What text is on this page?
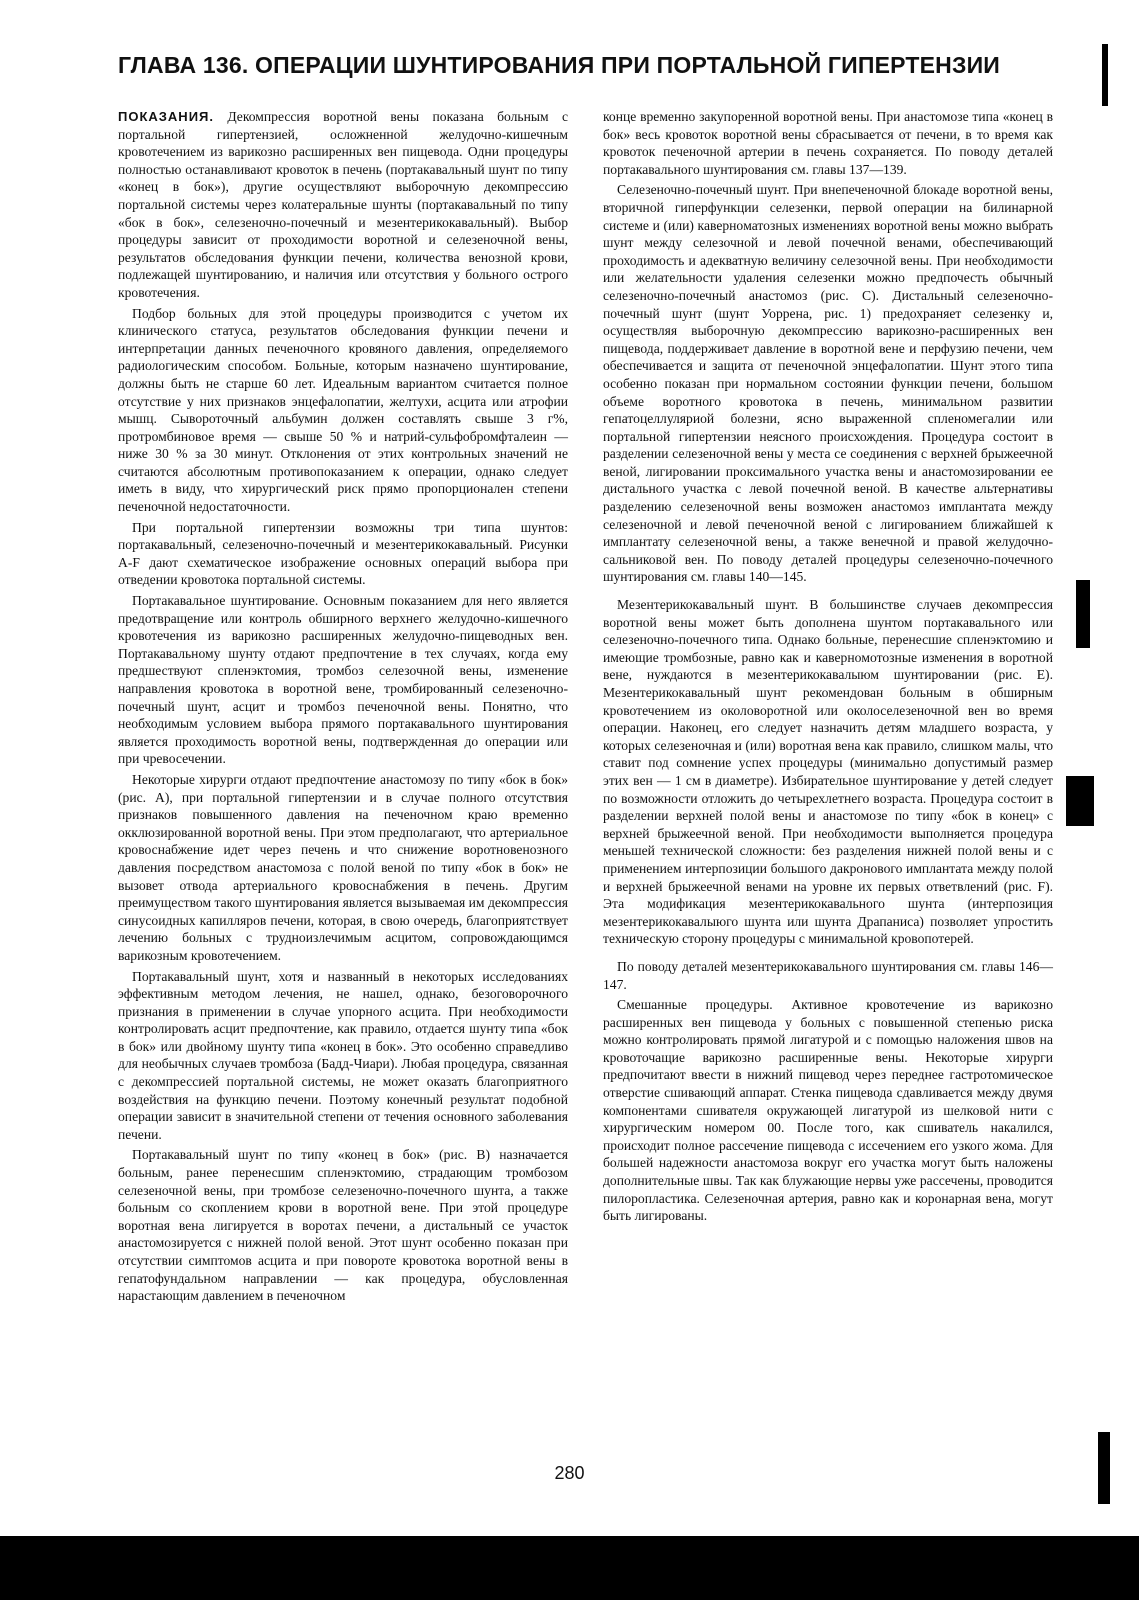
ГЛАВА 136. ОПЕРАЦИИ ШУНТИРОВАНИЯ ПРИ ПОРТАЛЬНОЙ ГИПЕРТЕНЗИИ

ПОКАЗАНИЯ. Декомпрессия воротной вены показана больным с портальной гипертензией, осложненной желудочно-кишечным кровотечением из варикозно расширенных вен пищевода. Одни процедуры полностью останавливают кровоток в печень (портакавальный шунт по типу «конец в бок»), другие осуществляют выборочную декомпрессию портальной системы через колатеральные шунты (портакавальный по типу «бок в бок», селезеночно-почечный и мезентерикокавальный). Выбор процедуры зависит от проходимости воротной и селезеночной вены, результатов обследования функции печени, количества венозной крови, подлежащей шунтированию, и наличия или отсутствия у больного острого кровотечения.

Подбор больных для этой процедуры производится с учетом их клинического статуса, результатов обследования функции печени и интерпретации данных печеночного кровяного давления, определяемого радиологическим способом. Больные, которым назначено шунтирование, должны быть не старше 60 лет. Идеальным вариантом считается полное отсутствие у них признаков энцефалопатии, желтухи, асцита или атрофии мышц. Сывороточный альбумин должен составлять свыше 3 г%, протромбиновое время — свыше 50 % и натрий-сульфобромфталеин — ниже 30 % за 30 минут. Отклонения от этих контрольных значений не считаются абсолютным противопоказанием к операции, однако следует иметь в виду, что хирургический риск прямо пропорционален степени печеночной недостаточности.

При портальной гипертензии возможны три типа шунтов: портакавальный, селезеночно-почечный и мезентерикокавальный. Рисунки A-F дают схематическое изображение основных операций выбора при отведении кровотока портальной системы.

Портакавальное шунтирование. Основным показанием для него является предотвращение или контроль обширного верхнего желудочно-кишечного кровотечения из варикозно расширенных желудочно-пищеводных вен. Портакавальному шунту отдают предпочтение в тех случаях, когда ему предшествуют спленэктомия, тромбоз селезочной вены, изменение направления кровотока в воротной вене, тромбированный селезеночно-почечный шунт, асцит и тромбоз печеночной вены. Понятно, что необходимым условием выбора прямого портакавального шунтирования является проходимость воротной вены, подтвержденная до операции или при чревосечении.

Некоторые хирурги отдают предпочтение анастомозу по типу «бок в бок» (рис. А), при портальной гипертензии и в случае полного отсутствия признаков повышенного давления на печеночном краю временно окклюзированной воротной вены. При этом предполагают, что артериальное кровоснабжение идет через печень и что снижение воротновенозного давления посредством анастомоза с полой веной по типу «бок в бок» не вызовет отвода артериального кровоснабжения в печень. Другим преимуществом такого шунтирования является вызываемая им декомпрессия синусоидных капилляров печени, которая, в свою очередь, благоприятствует лечению больных с трудноизлечимым асцитом, сопровождающимся варикозным кровотечением.

Портакавальный шунт, хотя и названный в некоторых исследованиях эффективным методом лечения, не нашел, однако, безоговорочного признания в применении в случае упорного асцита. При необходимости контролировать асцит предпочтение, как правило, отдается шунту типа «бок в бок» или двойному шунту типа «конец в бок». Это особенно справедливо для необычных случаев тромбоза (Бадд-Чиари). Любая процедура, связанная с декомпрессией портальной системы, не может оказать благоприятного воздействия на функцию печени. Поэтому конечный результат подобной операции зависит в значительной степени от течения основного заболевания печени.

Портакавальный шунт по типу «конец в бок» (рис. В) назначается больным, ранее перенесшим спленэктомию, страдающим тромбозом селезеночной вены, при тромбозе селезеночно-почечного шунта, а также больным со скоплением крови в воротной вене. При этой процедуре воротная вена лигируется в воротах печени, а дистальный се участок анастомозируется с нижней полой веной. Этот шунт особенно показан при отсутствии симптомов асцита и при повороте кровотока воротной вены в гепатофундальном направлении — как процедура, обусловленная нарастающим давлением в печеночном

конце временно закупоренной воротной вены. При анастомозе типа «конец в бок» весь кровоток воротной вены сбрасывается от печени, в то время как кровоток печеночной артерии в печень сохраняется. По поводу деталей портакавального шунтирования см. главы 137—139.

Селезеночно-почечный шунт. При внепеченочной блокаде воротной вены, вторичной гиперфункции селезенки, первой операции на билинарной системе и (или) кавернoматозных изменениях воротной вены можно выбрать шунт между селезочной и левой почечной венами, обеспечивающий проходимость и адекватную величину селезочной вены. При необходимости или желательности удаления селезенки можно предпочесть обычный селезеночно-почечный анастомоз (рис. С). Дистальный селезеночно-почечный шунт (шунт Уоррена, рис. 1) предохраняет селезенку и, осуществляя выборочную декомпрессию варикозно-расширенных вен пищевода, поддерживает давление в воротной вене и перфузию печени, чем обеспечивается и защита от печеночной энцефалопатии. Шунт этого типа особенно показан при нормальном состоянии функции печени, большом объеме воротного кровотока в печень, минимальном развитии гепатоцеллуляриой болезни, ясно выраженной спленомегалии или портальной гипертензии неясного происхождения. Процедура состоит в разделении селезеночной вены у места се соединения с верхней брыжеечной веной, лигировании проксимального участка вены и анастомозировании ее дистального участка с левой почечной веной. В качестве альтернативы разделению селезеночной вены возможен анастомоз имплантата между селезеночной и левой печеночной веной с лигированием ближайшей к имплантату селезеночной вены, а также венечной и правой желудочно-сальниковой вен. По поводу деталей процедуры селезеночно-почечного шунтирования см. главы 140—145.

Мезентерикокавальный шунт. В большинстве случаев декомпрессия воротной вены может быть дополнена шунтом портакавального или селезеночно-почечного типа. Однако больные, перенесшие спленэктомию и имеющие тромбозные, равно как и кавернoмотозные изменения в воротной вене, нуждаются в мезентерикокавалыюм шунтировании (рис. Е). Мезентерикокавальный шунт рекомендован больным в обширным кровотечением из околоворотной или околоселезеночной вен во время операции. Наконец, его следует назначить детям младшего возраста, у которых селезеночная и (или) воротная вена как правило, слишком малы, что ставит под сомнение успех процедуры (минимально допустимый размер этих вен — 1 см в диаметре). Избирательное шунтирование у детей следует по возможности отложить до четырехлетнего возраста. Процедура состоит в разделении верхней полой вены и анастомозе по типу «бок в конец» с верхней брыжеечной веной. При необходимости выполняется процедура меньшей технической сложности: без разделения нижней полой вены и с применением интерпозиции большого дакронового имплантата между полой и верхней брыжеечной венами на уровне их первых ответвлений (рис. F). Эта модификация мезентерикокавального шунта (интерпозиция мезентерикокавалыюго шунта или шунта Драпаниса) позволяет упростить техническую сторону процедуры с минимальной кровопотерей.

По поводу деталей мезентерикокавального шунтирования см. главы 146—147.

Смешанные процедуры. Активное кровотечение из варикозно расширенных вен пищевода у больных с повышенной степенью риска можно контролировать прямой лигатурой и с помощью наложения швов на кровоточащие варикозно расширенные вены. Некоторые хирурги предпочитают ввести в нижний пищевод через переднее гастротомическое отверстие сшивающий аппарат. Стенка пищевода сдавливается между двумя компонентами сшивателя окружающей лигатурой из шелковой нити с хирургическим номером 00. После того, как сшиватель накалился, происходит полное рассечение пищевода с иссечением его узкого жома. Для большей надежности анастомоза вокруг его участка могут быть наложены дополнительные швы. Так как блужающие нервы уже рассечены, проводится пилоропластика. Селезеночная артерия, равно как и коронарная вена, могут быть лигированы.

280
